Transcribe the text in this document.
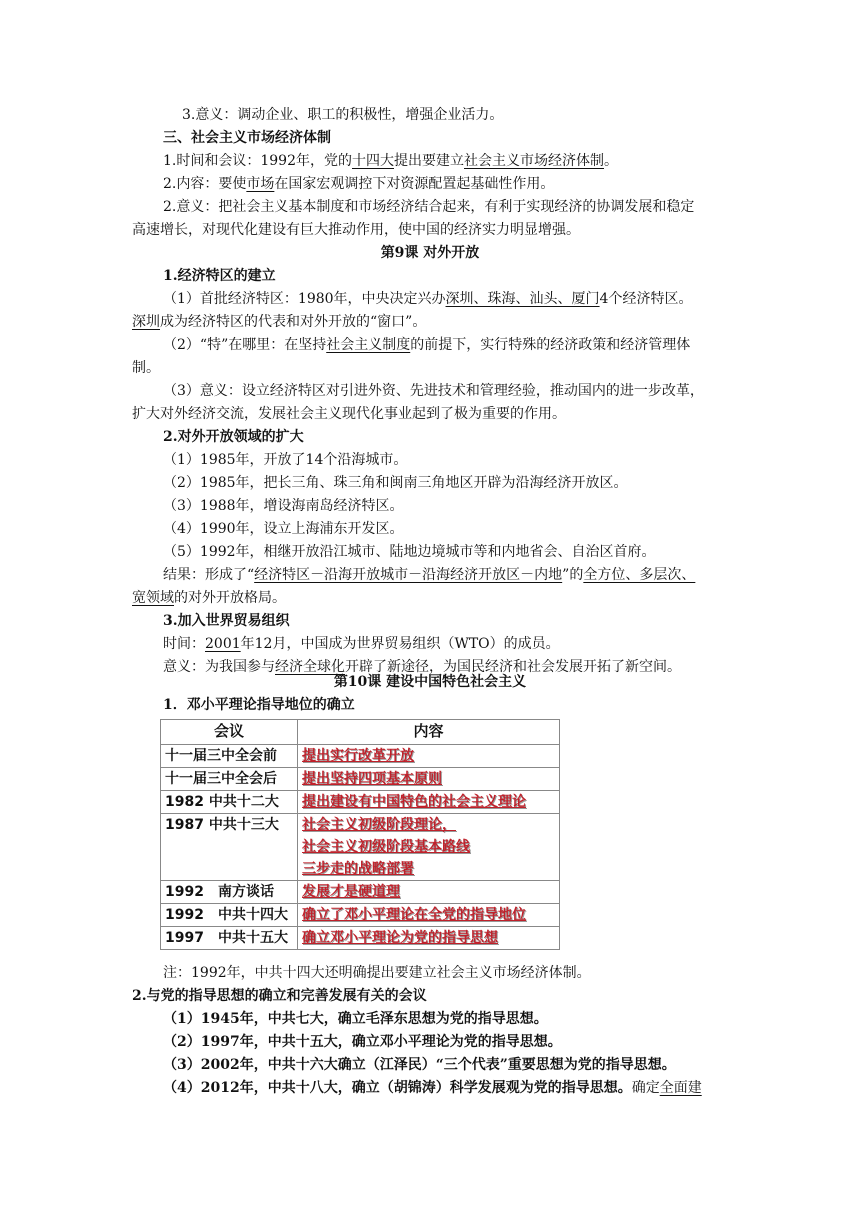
3.意义：调动企业、职工的积极性，增强企业活力。
三、社会主义市场经济体制
1.时间和会议：1992年，党的十四大提出要建立社会主义市场经济体制。
2.内容：要使市场在国家宏观调控下对资源配置起基础性作用。
2.意义：把社会主义基本制度和市场经济结合起来，有利于实现经济的协调发展和稳定
高速增长，对现代化建设有巨大推动作用，使中国的经济实力明显增强。
第9课 对外开放
1.经济特区的建立
（1）首批经济特区：1980年，中央决定兴办深圳、珠海、汕头、厦门4个经济特区。
深圳成为经济特区的代表和对外开放的“窗口”。
（2）“特”在哪里：在坚持社会主义制度的前提下，实行特殊的经济政策和经济管理体
制。
（3）意义：设立经济特区对引进外资、先进技术和管理经验，推动国内的进一步改革，
扩大对外经济交流，发展社会主义现代化事业起到了极为重要的作用。
2.对外开放领域的扩大
（1）1985年，开放了14个沿海城市。
（2）1985年，把长三角、珠三角和闽南三角地区开辟为沿海经济开放区。
（3）1988年，增设海南岛经济特区。
（4）1990年，设立上海浦东开发区。
（5）1992年，相继开放沿江城市、陆地边境城市等和内地省会、自治区首府。
结果：形成了“经济特区－沿海开放城市－沿海经济开放区－内地”的全方位、多层次、
宽领域的对外开放格局。
3.加入世界贸易组织
时间：2001年12月，中国成为世界贸易组织（WTO）的成员。
意义：为我国参与经济全球化开辟了新途径，为国民经济和社会发展开拓了新空间。
第10课 建设中国特色社会主义
1．邓小平理论指导地位的确立
会议	内容
十一届三中全会前	提出实行改革开放

十一届三中全会后	提出坚持四项基本原则

1982 中共十二大	提出建设有中国特色的社会主义理论

1987 中共十三大	社会主义初级阶段理论，
社会主义初级阶段基本路线
三步走的战略部署

1992　南方谈话	发展才是硬道理

1992　中共十四大	确立了邓小平理论在全党的指导地位

1997　中共十五大	确立邓小平理论为党的指导思想
注：1992年，中共十四大还明确提出要建立社会主义市场经济体制。
2.与党的指导思想的确立和完善发展有关的会议
（1）1945年，中共七大，确立毛泽东思想为党的指导思想。
（2）1997年，中共十五大，确立邓小平理论为党的指导思想。
（3）2002年，中共十六大确立（江泽民）“三个代表”重要思想为党的指导思想。
（4）2012年，中共十八大，确立（胡锦涛）科学发展观为党的指导思想。确定全面建
